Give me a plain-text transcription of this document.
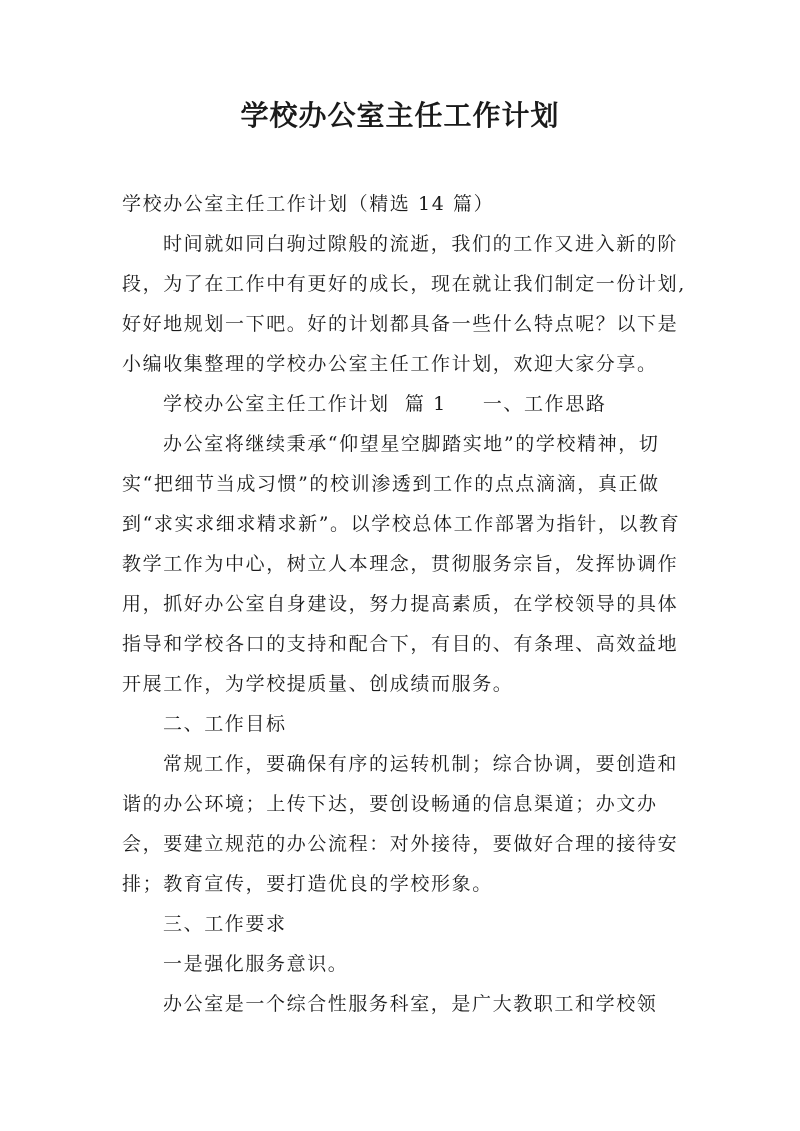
学校办公室主任工作计划

学校办公室主任工作计划（精选 14 篇）

时间就如同白驹过隙般的流逝，我们的工作又进入新的阶段，为了在工作中有更好的成长，现在就让我们制定一份计划,好好地规划一下吧。好的计划都具备一些什么特点呢？以下是小编收集整理的学校办公室主任工作计划，欢迎大家分享。

学校办公室主任工作计划  篇 1 一、工作思路

办公室将继续秉承“仰望星空脚踏实地”的学校精神，切实“把细节当成习惯”的校训渗透到工作的点点滴滴，真正做到“求实求细求精求新”。以学校总体工作部署为指针，以教育教学工作为中心，树立人本理念，贯彻服务宗旨，发挥协调作用，抓好办公室自身建设，努力提高素质，在学校领导的具体指导和学校各口的支持和配合下，有目的、有条理、高效益地开展工作，为学校提质量、创成绩而服务。

二、工作目标

常规工作，要确保有序的运转机制；综合协调，要创造和谐的办公环境；上传下达，要创设畅通的信息渠道；办文办会，要建立规范的办公流程：对外接待，要做好合理的接待安排；教育宣传，要打造优良的学校形象。

三、工作要求

一是强化服务意识。

办公室是一个综合性服务科室，是广大教职工和学校领
